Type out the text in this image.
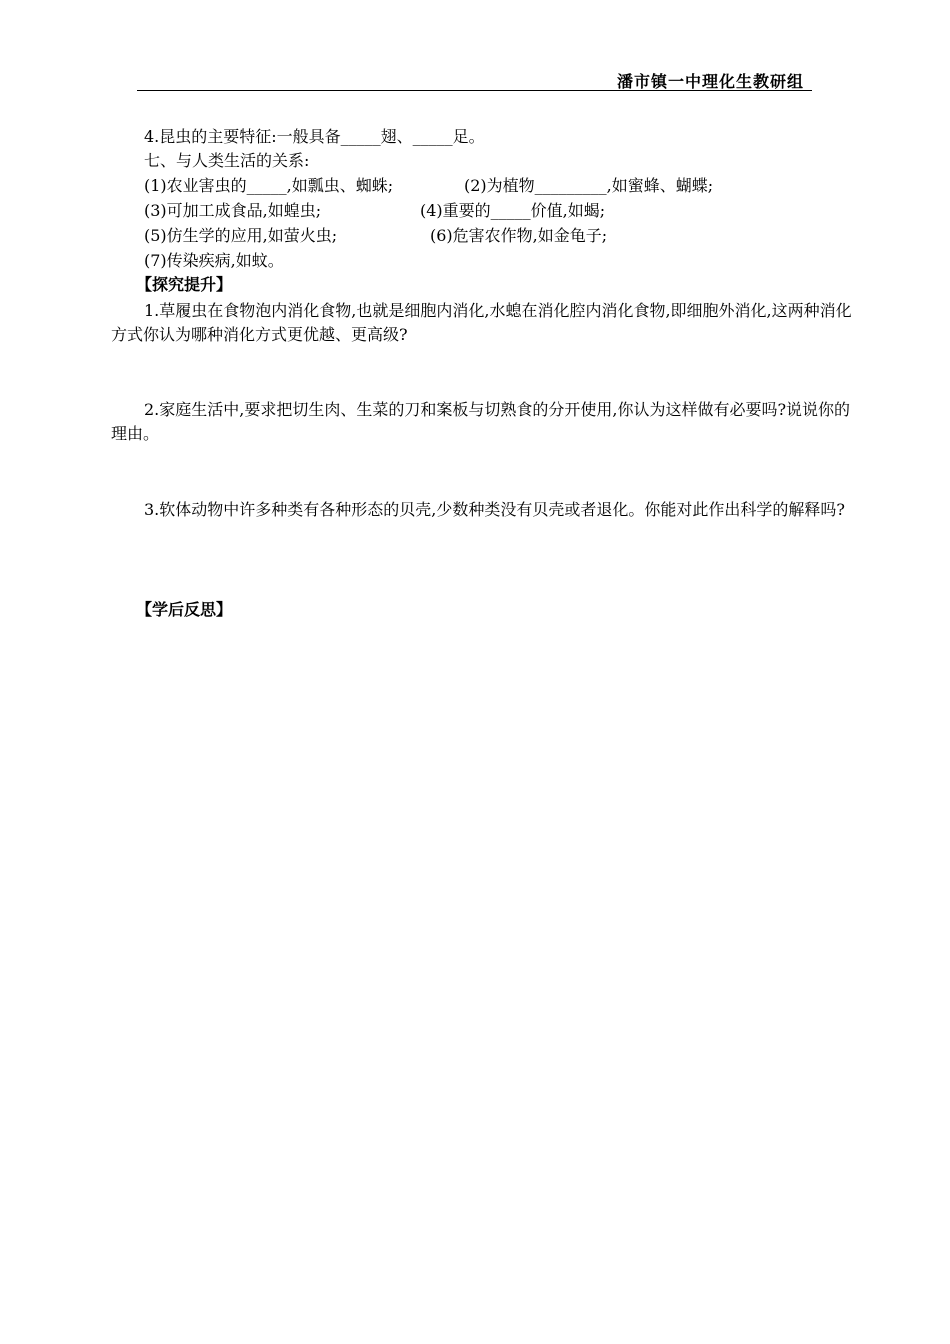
潘市镇一中理化生教研组
4.昆虫的主要特征:一般具备_____翅、_____足。
七、与人类生活的关系:
(1)农业害虫的_____,如瓢虫、蜘蛛;	(2)为植物_________,如蜜蜂、蝴蝶;
(3)可加工成食品,如蝗虫;	(4)重要的_____价值,如蝎;
(5)仿生学的应用,如萤火虫;	(6)危害农作物,如金龟子;
(7)传染疾病,如蚊。
【探究提升】
1.草履虫在食物泡内消化食物,也就是细胞内消化,水螅在消化腔内消化食物,即细胞外消化,这两种消化方式你认为哪种消化方式更优越、更高级?
2.家庭生活中,要求把切生肉、生菜的刀和案板与切熟食的分开使用,你认为这样做有必要吗?说说你的理由。
3.软体动物中许多种类有各种形态的贝壳,少数种类没有贝壳或者退化。你能对此作出科学的解释吗?
【学后反思】
